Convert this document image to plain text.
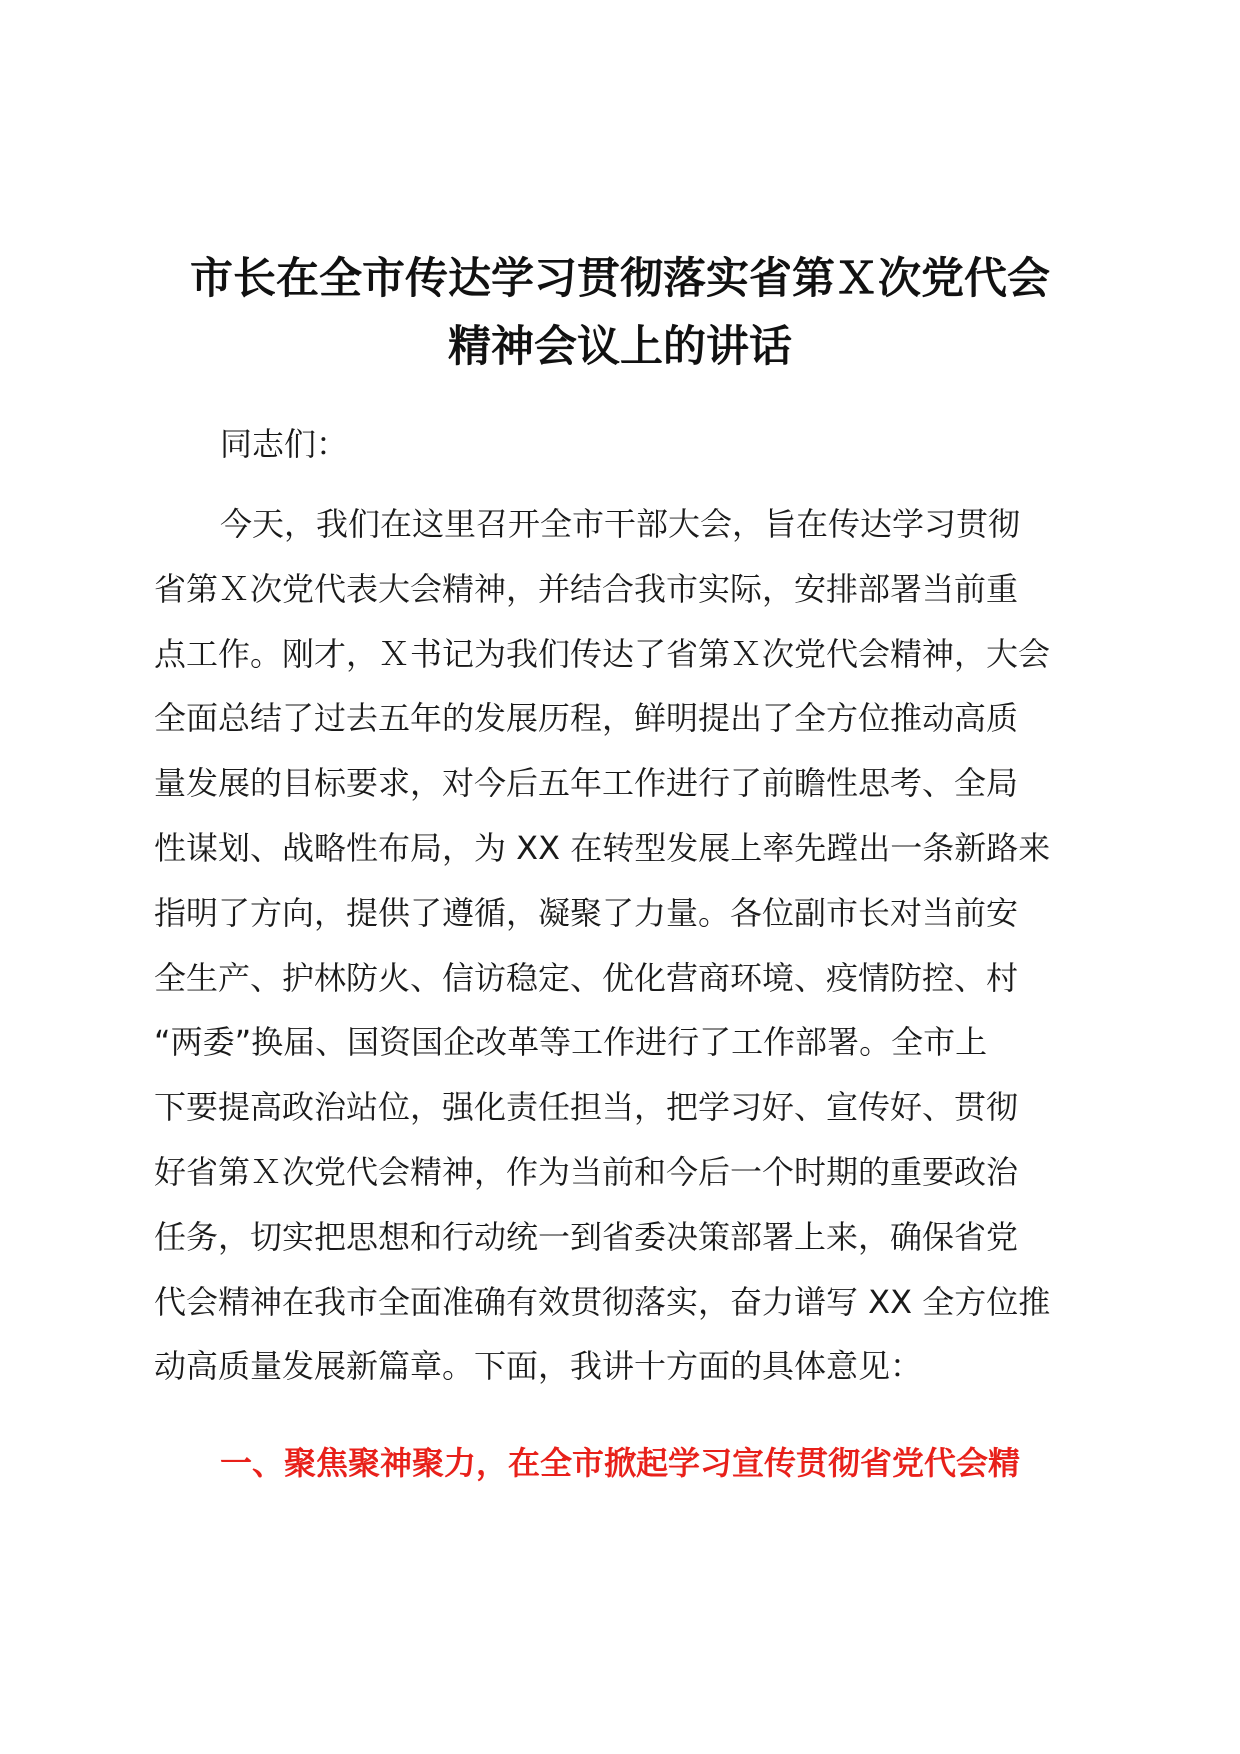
市长在全市传达学习贯彻落实省第Ｘ次党代会
精神会议上的讲话

同志们：

今天，我们在这里召开全市干部大会，旨在传达学习贯彻
省第Ｘ次党代表大会精神，并结合我市实际，安排部署当前重
点工作。刚才，Ｘ书记为我们传达了省第Ｘ次党代会精神，大会
全面总结了过去五年的发展历程，鲜明提出了全方位推动高质
量发展的目标要求，对今后五年工作进行了前瞻性思考、全局
性谋划、战略性布局，为 XX 在转型发展上率先蹚出一条新路来
指明了方向，提供了遵循，凝聚了力量。各位副市长对当前安
全生产、护林防火、信访稳定、优化营商环境、疫情防控、村
“两委”换届、国资国企改革等工作进行了工作部署。全市上
下要提高政治站位，强化责任担当，把学习好、宣传好、贯彻
好省第Ｘ次党代会精神，作为当前和今后一个时期的重要政治
任务，切实把思想和行动统一到省委决策部署上来，确保省党
代会精神在我市全面准确有效贯彻落实，奋力谱写 XX 全方位推
动高质量发展新篇章。下面，我讲十方面的具体意见：
一、聚焦聚神聚力，在全市掀起学习宣传贯彻省党代会精
